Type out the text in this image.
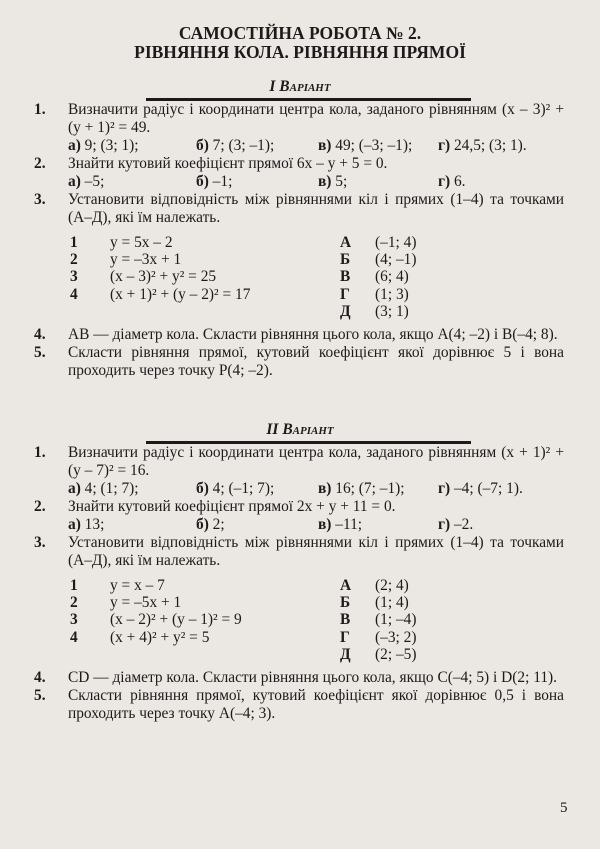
САМОСТІЙНА РОБОТА № 2.
РІВНЯННЯ КОЛА. РІВНЯННЯ ПРЯМОЇ
I Варіант
1. Визначити радіус і координати центра кола, заданого рівнянням (x – 3)² + (y + 1)² = 49.
а) 9; (3; 1);	б) 7; (3; –1);	в) 49; (–3; –1);	г) 24,5; (3; 1).
2. Знайти кутовий коефіцієнт прямої 6x – y + 5 = 0.
а) –5;	б) –1;	в) 5;	г) 6.
3. Установити відповідність між рівняннями кіл і прямих (1–4) та точками (А–Д), які їм належать.
1	y = 5x – 2
2	y = –3x + 1
3	(x – 3)² + y² = 25
4	(x + 1)² + (y – 2)² = 17

А	(–1; 4)
Б	(4; –1)
В	(6; 4)
Г	(1; 3)
Д	(3; 1)
4. AB — діаметр кола. Скласти рівняння цього кола, якщо A(4; –2) і B(–4; 8).
5. Скласти рівняння прямої, кутовий коефіцієнт якої дорівнює 5 і вона проходить через точку P(4; –2).
II Варіант
1. Визначити радіус і координати центра кола, заданого рівнянням (x + 1)² + (y – 7)² = 16.
а) 4; (1; 7);	б) 4; (–1; 7);	в) 16; (7; –1);	г) –4; (–7; 1).
2. Знайти кутовий коефіцієнт прямої 2x + y + 11 = 0.
а) 13;	б) 2;	в) –11;	г) –2.
3. Установити відповідність між рівняннями кіл і прямих (1–4) та точками (А–Д), які їм належать.
1	y = x – 7
2	y = –5x + 1
3	(x – 2)² + (y – 1)² = 9
4	(x + 4)² + y² = 5

А	(2; 4)
Б	(1; 4)
В	(1; –4)
Г	(–3; 2)
Д	(2; –5)
4. CD — діаметр кола. Скласти рівняння цього кола, якщо C(–4; 5) і D(2; 11).
5. Скласти рівняння прямої, кутовий коефіцієнт якої дорівнює 0,5 і вона проходить через точку A(–4; 3).
5
